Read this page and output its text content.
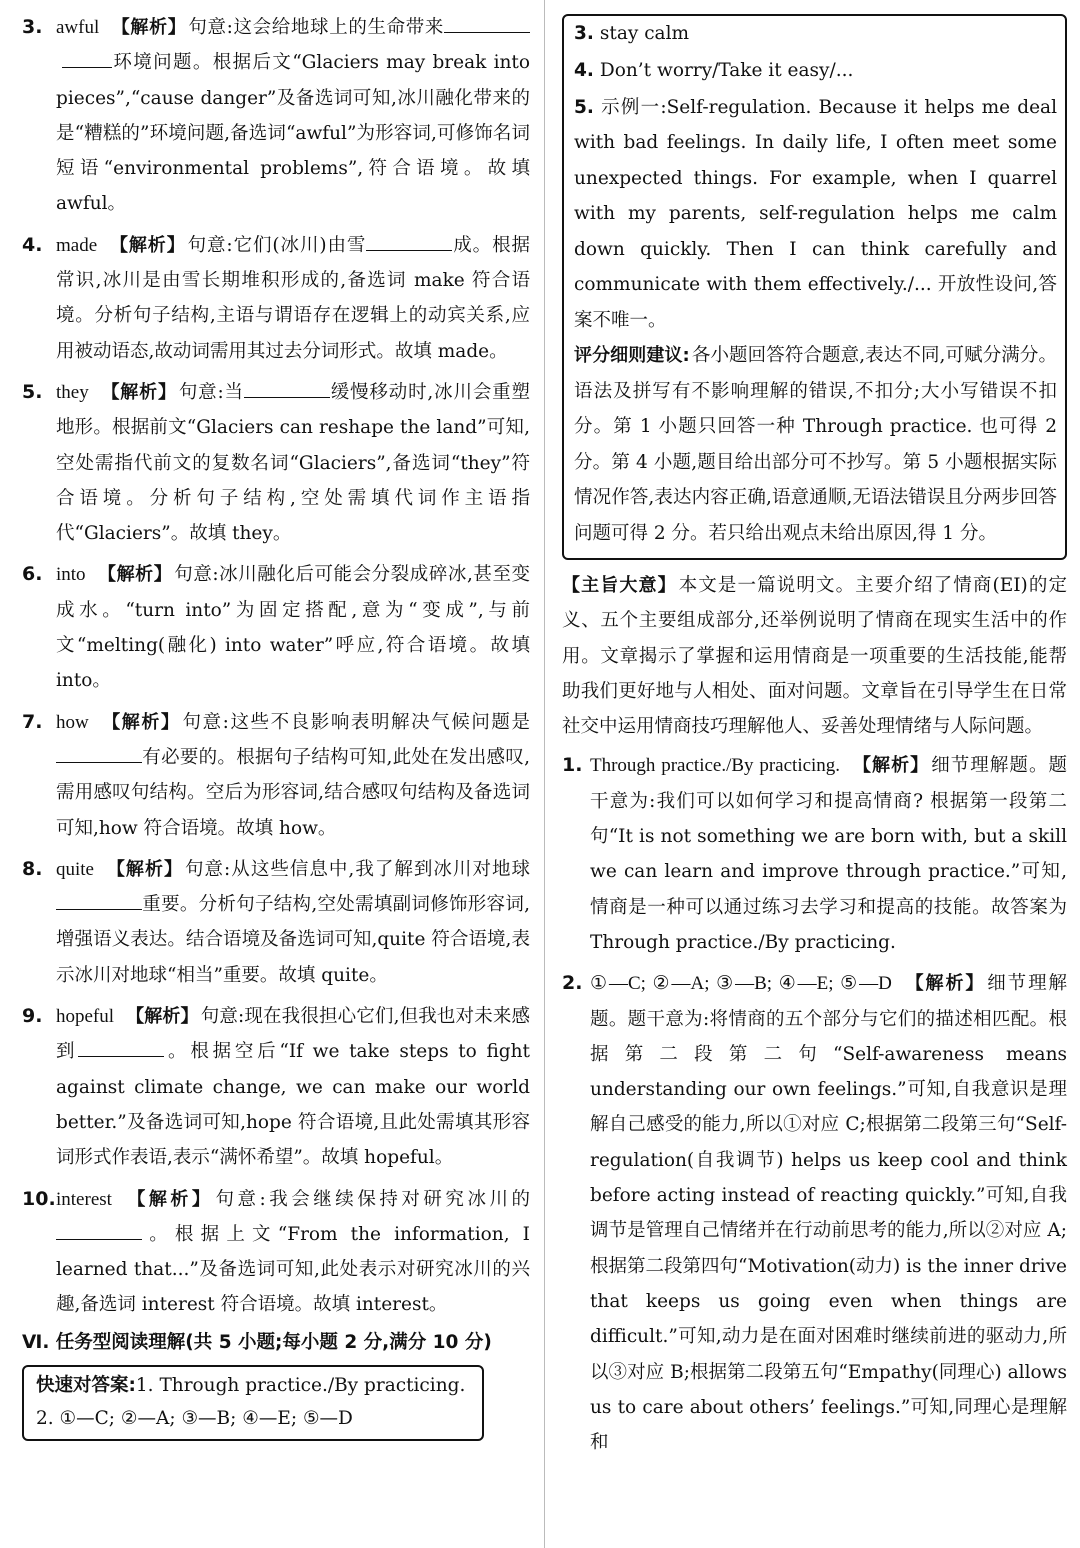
3. awful 【解析】 句意:这会给地球上的生命带来环境问题。根据后文“Glaciers may break into pieces”,“cause danger”及备选词可知,冰川融化带来的是“糟糕的”环境问题,备选词“awful”为形容词,可修饰名词短语“environmental problems”,符合语境。故填 awful。
4. made 【解析】 句意:它们(冰川)由雪	成。根据常识,冰川是由雪长期堆积形成的,备选词 make 符合语境。分析句子结构,主语与谓语存在逻辑上的动宾关系,应用被动语态,故动词需用其过去分词形式。故填 made。
5. they 【解析】 句意:当	缓慢移动时,冰川会重塑地形。根据前文“Glaciers can reshape the land”可知,空处需指代前文的复数名词“Glaciers”,备选词“they”符合语境。分析句子结构,空处需填代词作主语指代“Glaciers”。故填 they。
6. into 【解析】 句意:冰川融化后可能会分裂成碎冰,甚至变成水。“turn into”为固定搭配,意为“变成”,与前文“melting(融化) into water”呼应,符合语境。故填 into。
7. how 【解析】 句意:这些不良影响表明解决气候问题是有必要的。根据句子结构可知,此处在发出感叹,需用感叹句结构。空后为形容词,结合感叹句结构及备选词可知,how 符合语境。故填 how。
8. quite 【解析】 句意:从这些信息中,我了解到冰川对地球重要。分析句子结构,空处需填副词修饰形容词,增强语义表达。结合语境及备选词可知,quite 符合语境,表示冰川对地球“相当”重要。故填 quite。
9. hopeful 【解析】 句意:现在我很担心它们,但我也对未来感到	。根据空后“If we take steps to fight against climate change, we can make our world better.”及备选词可知,hope 符合语境,且此处需填其形容词形式作表语,表示“满怀希望”。故填 hopeful。
10. interest 【解析】 句意:我会继续保持对研究冰川的。根据上文“From the information, I learned that...”及备选词可知,此处表示对研究冰川的兴趣,备选词 interest 符合语境。故填 interest。
Ⅵ. 任务型阅读理解(共 5 小题;每小题 2 分,满分 10 分)
快速对答案:1. Through practice./By practicing.
2. ①—C; ②—A; ③—B; ④—E; ⑤—D
3. stay calm
4. Don’t worry/Take it easy/...
5. 示例一:Self-regulation. Because it helps me deal with bad feelings. In daily life, I often meet some unexpected things. For example, when I quarrel with my parents, self-regulation helps me calm down quickly. Then I can think carefully and communicate with them effectively./... 开放性设问,答案不唯一。
评分细则建议: 各小题回答符合题意,表达不同,可赋分满分。语法及拼写有不影响理解的错误,不扣分;大小写错误不扣分。第 1 小题只回答一种 Through practice. 也可得 2 分。第 4 小题,题目给出部分可不抄写。第 5 小题根据实际情况作答,表达内容正确,语意通顺,无语法错误且分两步回答问题可得 2 分。若只给出观点未给出原因,得 1 分。
【主旨大意】 本文是一篇说明文。主要介绍了情商(EI)的定义、五个主要组成部分,还举例说明了情商在现实生活中的作用。文章揭示了掌握和运用情商是一项重要的生活技能,能帮助我们更好地与人相处、面对问题。文章旨在引导学生在日常社交中运用情商技巧理解他人、妥善处理情绪与人际问题。
1. Through practice./By practicing. 【解析】 细节理解题。题干意为:我们可以如何学习和提高情商? 根据第一段第二句“It is not something we are born with, but a skill we can learn and improve through practice.”可知,情商是一种可以通过练习去学习和提高的技能。故答案为 Through practice./By practicing.
2. ①—C; ②—A; ③—B; ④—E; ⑤—D 【解析】 细节理解题。题干意为:将情商的五个部分与它们的描述相匹配。根据第二段第二句“Self-awareness means understanding our own feelings.”可知,自我意识是理解自己感受的能力,所以①对应 C;根据第二段第三句“Self-regulation(自我调节) helps us keep cool and think before acting instead of reacting quickly.”可知,自我调节是管理自己情绪并在行动前思考的能力,所以②对应 A;根据第二段第四句“Motivation(动力) is the inner drive that keeps us going even when things are difficult.”可知,动力是在面对困难时继续前进的驱动力,所以③对应 B;根据第二段第五句“Empathy(同理心) allows us to care about others’ feelings.”可知,同理心是理解和
